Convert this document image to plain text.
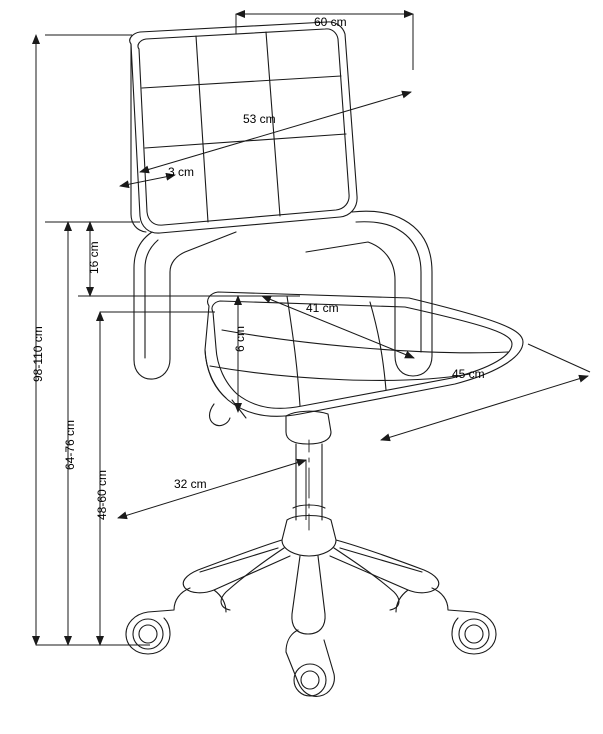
60 cm
53 cm
3 cm
16 cm
6 cm
41 cm
45 cm
32 cm
98-110 cm
64-76 cm
48-60 cm
